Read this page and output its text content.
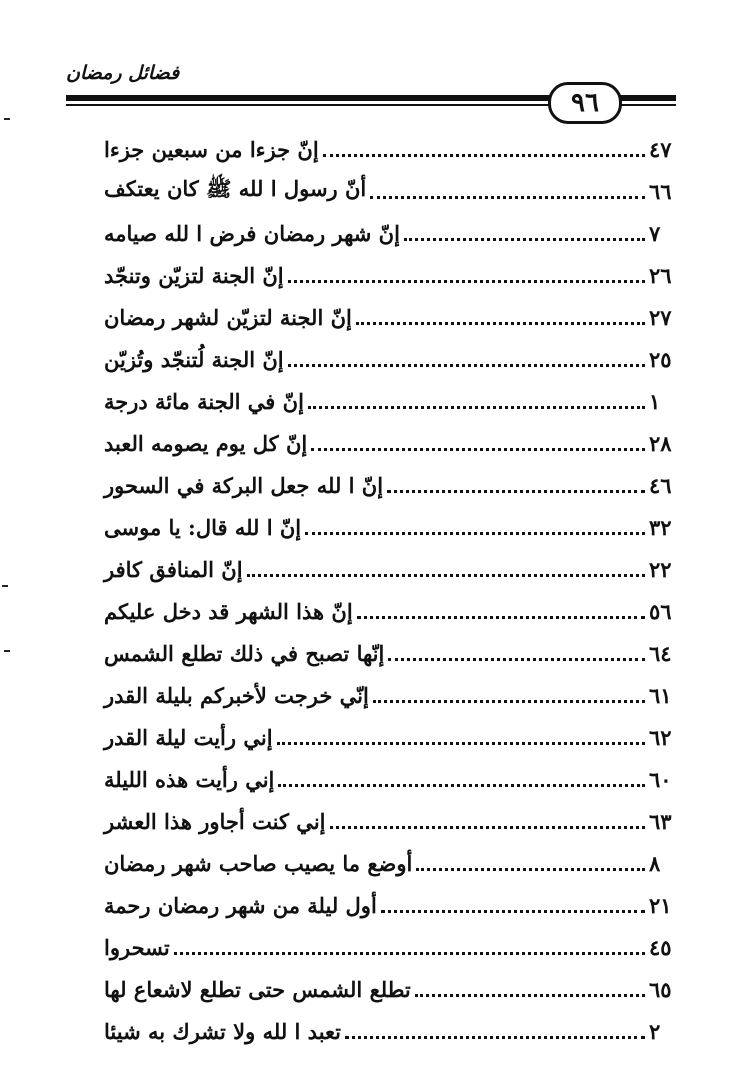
فضائل رمضان
٩٦
إنّ جزءا من سبعين جزءا	٤٧
أنّ رسول ا لله ﷺ كان يعتكف	٦٦
إنّ شهر رمضان فرض ا لله صيامه	٧
إنّ الجنة لتزيّن وتنجّد	٢٦
إنّ الجنة لتزيّن لشهر رمضان	٢٧
إنّ الجنة لُتنجّد وتُزيّن	٢٥
إنّ في الجنة مائة درجة	١
إنّ كل يوم يصومه العبد	٢٨
إنّ ا لله جعل البركة في السحور	٤٦
إنّ ا لله قال: يا موسى	٣٢
إنّ المنافق كافر	٢٢
إنّ هذا الشهر قد دخل عليكم	٥٦
إنّها تصبح في ذلك تطلع الشمس	٦٤
إنّي خرجت لأخبركم بليلة القدر	٦١
إني رأيت ليلة القدر	٦٢
إني رأيت هذه الليلة	٦٠
إني كنت أجاور هذا العشر	٦٣
أوضع ما يصيب صاحب شهر رمضان	٨
أول ليلة من شهر رمضان رحمة	٢١
تسحروا	٤٥
تطلع الشمس حتى تطلع لاشعاع لها	٦٥
تعبد ا لله ولا تشرك به شيئا	٢
